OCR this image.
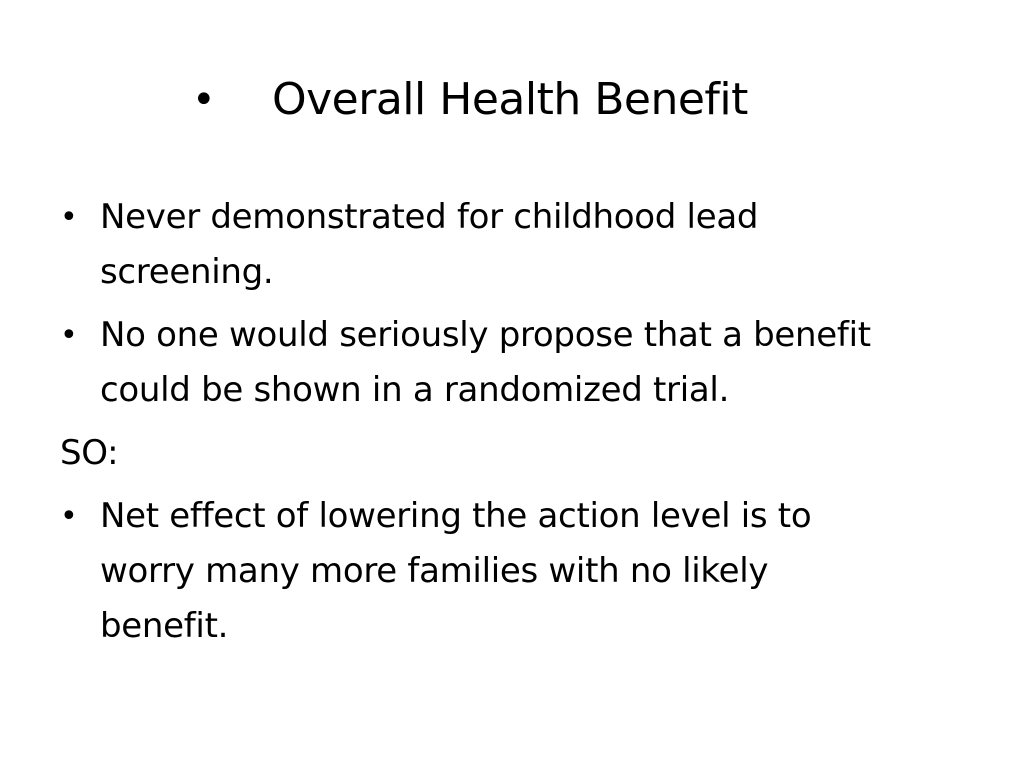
• Overall Health Benefit
• Never demonstrated for childhood lead
screening.
• No one would seriously propose that a benefit
could be shown in a randomized trial.
SO:
• Net effect of lowering the action level is to
worry many more families with no likely
benefit.
